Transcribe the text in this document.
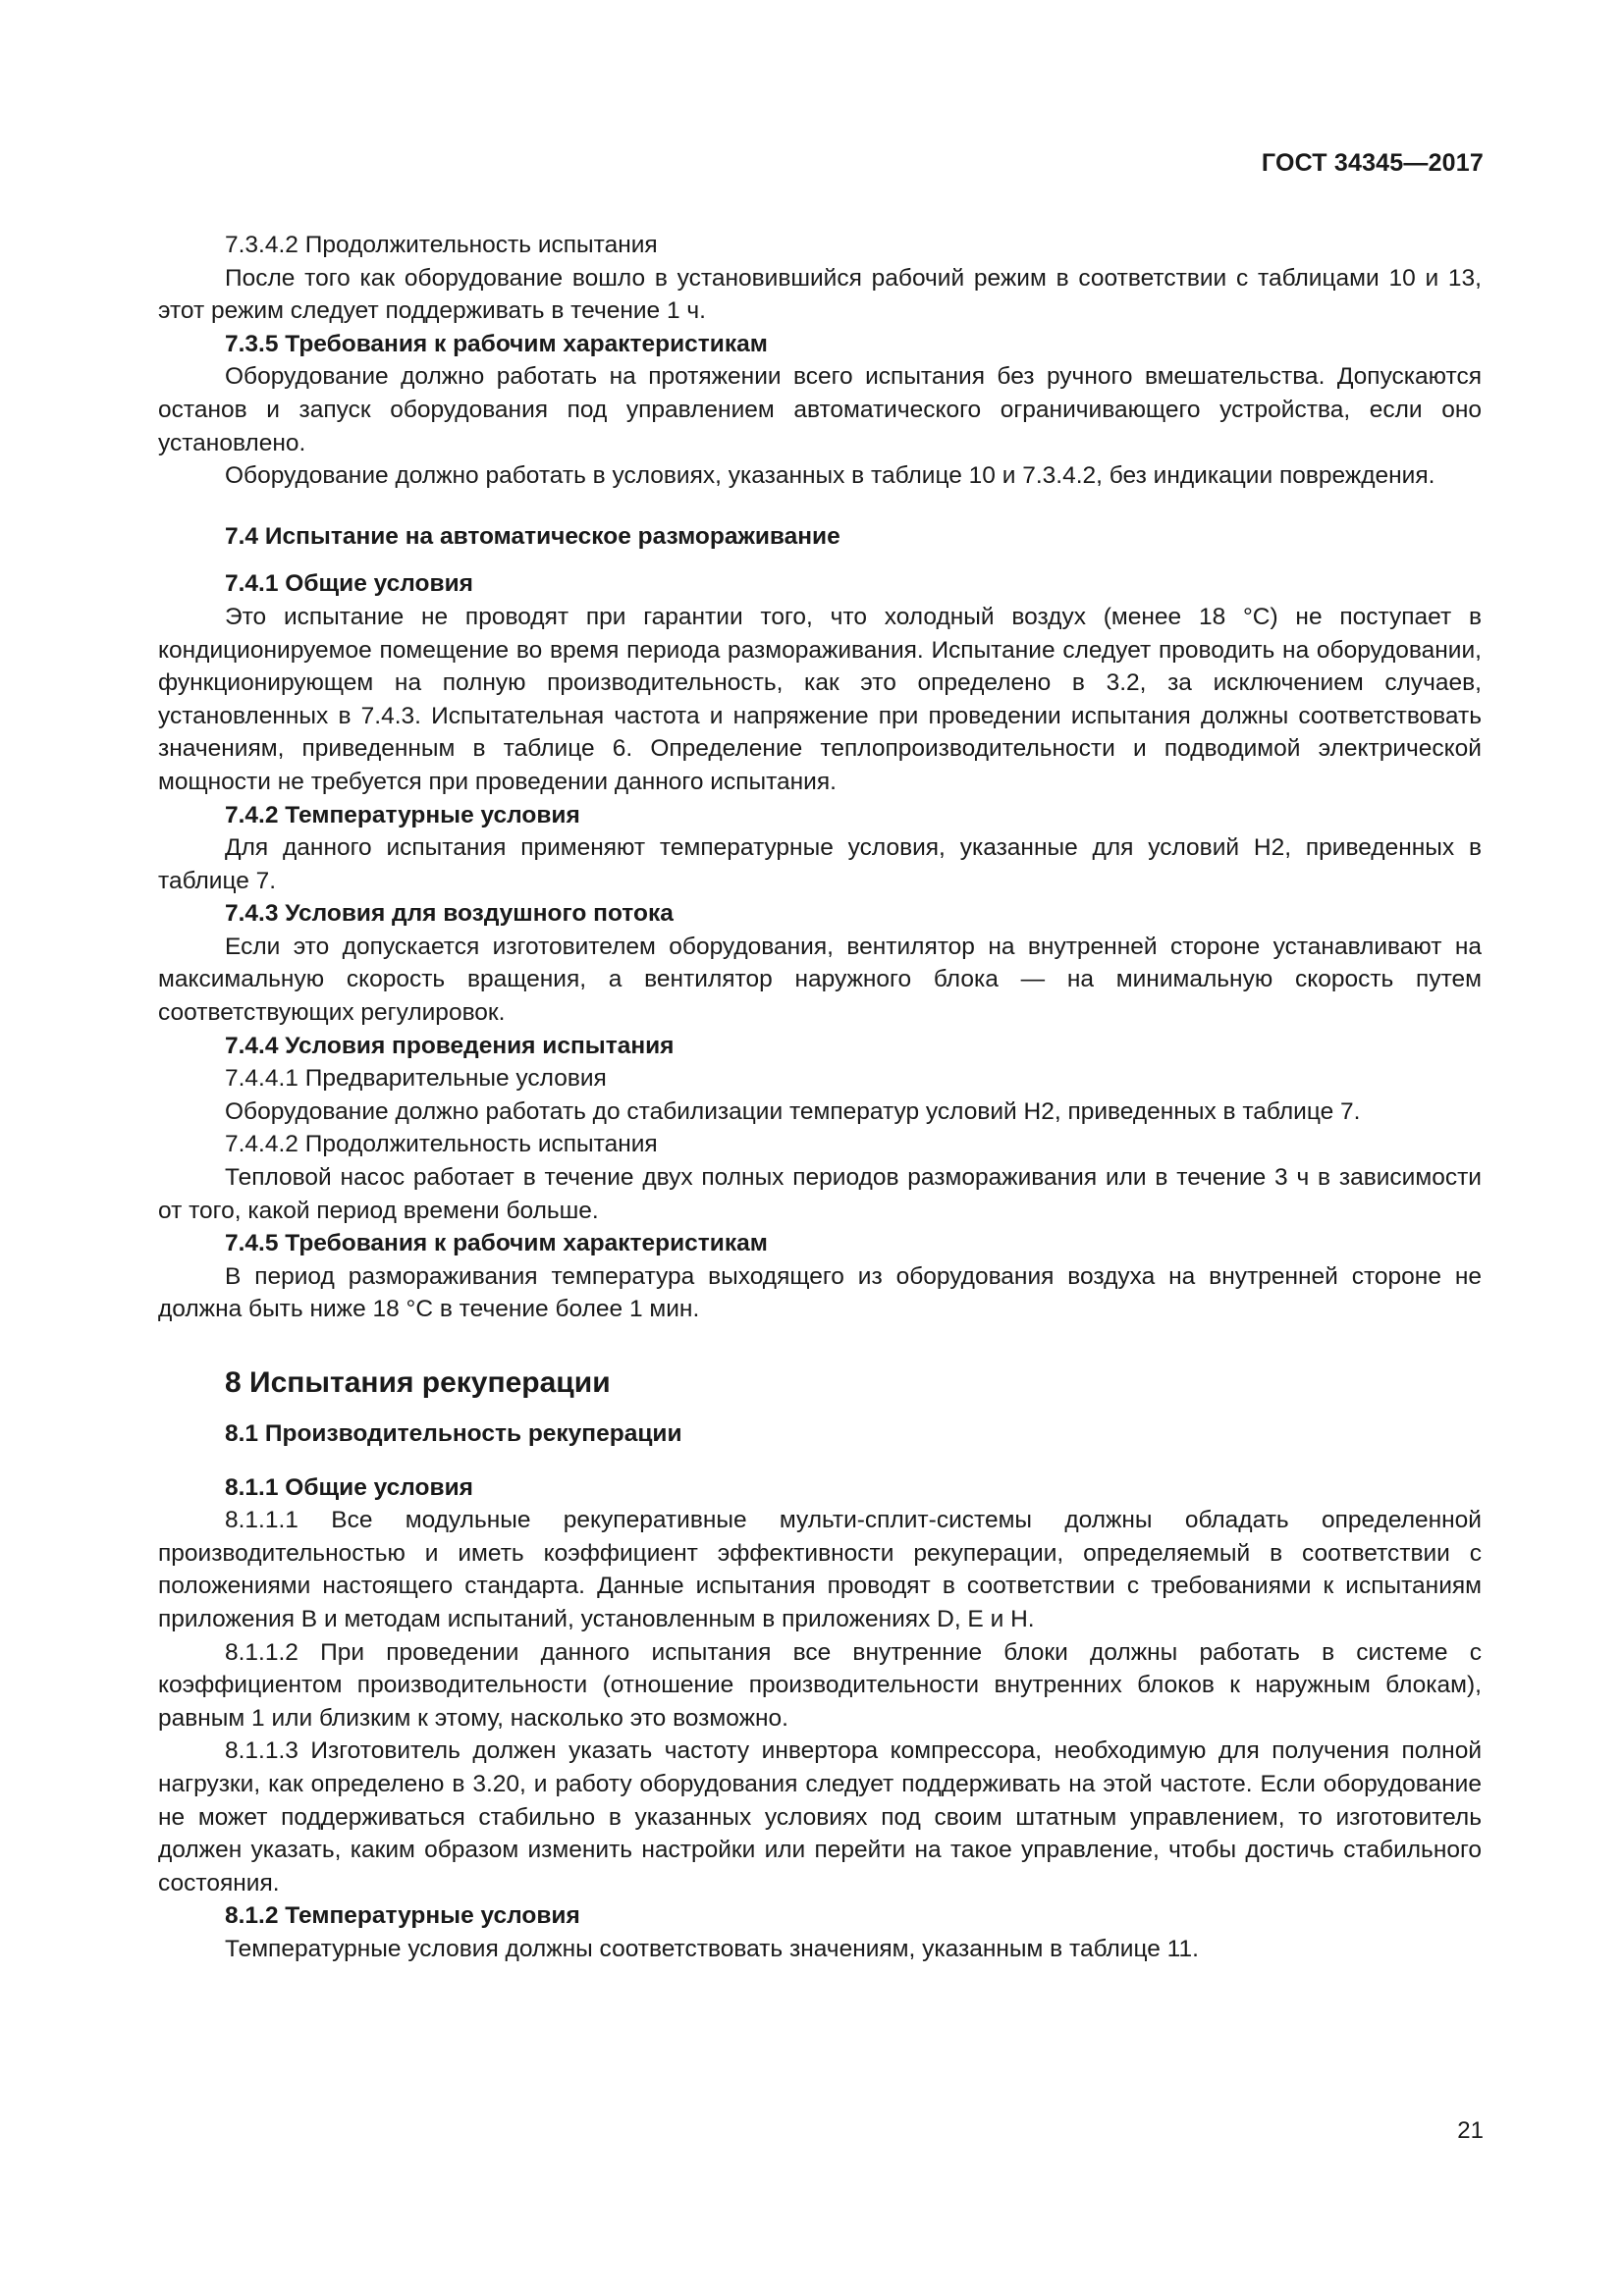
ГОСТ 34345—2017

7.3.4.2 Продолжительность испытания

После того как оборудование вошло в установившийся рабочий режим в соответствии с таблицами 10 и 13, этот режим следует поддерживать в течение 1 ч.

7.3.5 Требования к рабочим характеристикам

Оборудование должно работать на протяжении всего испытания без ручного вмешательства. Допускаются останов и запуск оборудования под управлением автоматического ограничивающего устройства, если оно установлено.

Оборудование должно работать в условиях, указанных в таблице 10 и 7.3.4.2, без индикации повреждения.

7.4 Испытание на автоматическое размораживание

7.4.1 Общие условия

Это испытание не проводят при гарантии того, что холодный воздух (менее 18 °С) не поступает в кондиционируемое помещение во время периода размораживания. Испытание следует проводить на оборудовании, функционирующем на полную производительность, как это определено в 3.2, за исключением случаев, установленных в 7.4.3. Испытательная частота и напряжение при проведении испытания должны соответствовать значениям, приведенным в таблице 6. Определение теплопроизводительности и подводимой электрической мощности не требуется при проведении данного испытания.

7.4.2 Температурные условия

Для данного испытания применяют температурные условия, указанные для условий Н2, приведенных в таблице 7.

7.4.3 Условия для воздушного потока

Если это допускается изготовителем оборудования, вентилятор на внутренней стороне устанавливают на максимальную скорость вращения, а вентилятор наружного блока — на минимальную скорость путем соответствующих регулировок.

7.4.4 Условия проведения испытания

7.4.4.1 Предварительные условия

Оборудование должно работать до стабилизации температур условий Н2, приведенных в таблице 7.

7.4.4.2 Продолжительность испытания

Тепловой насос работает в течение двух полных периодов размораживания или в течение 3 ч в зависимости от того, какой период времени больше.

7.4.5 Требования к рабочим характеристикам

В период размораживания температура выходящего из оборудования воздуха на внутренней стороне не должна быть ниже 18 °С в течение более 1 мин.

8 Испытания рекуперации

8.1 Производительность рекуперации

8.1.1 Общие условия

8.1.1.1 Все модульные рекуперативные мульти-сплит-системы должны обладать определенной производительностью и иметь коэффициент эффективности рекуперации, определяемый в соответствии с положениями настоящего стандарта. Данные испытания проводят в соответствии с требованиями к испытаниям приложения В и методам испытаний, установленным в приложениях D, Е и Н.

8.1.1.2 При проведении данного испытания все внутренние блоки должны работать в системе с коэффициентом производительности (отношение производительности внутренних блоков к наружным блокам), равным 1 или близким к этому, насколько это возможно.

8.1.1.3 Изготовитель должен указать частоту инвертора компрессора, необходимую для получения полной нагрузки, как определено в 3.20, и работу оборудования следует поддерживать на этой частоте. Если оборудование не может поддерживаться стабильно в указанных условиях под своим штатным управлением, то изготовитель должен указать, каким образом изменить настройки или перейти на такое управление, чтобы достичь стабильного состояния.

8.1.2 Температурные условия

Температурные условия должны соответствовать значениям, указанным в таблице 11.

21
